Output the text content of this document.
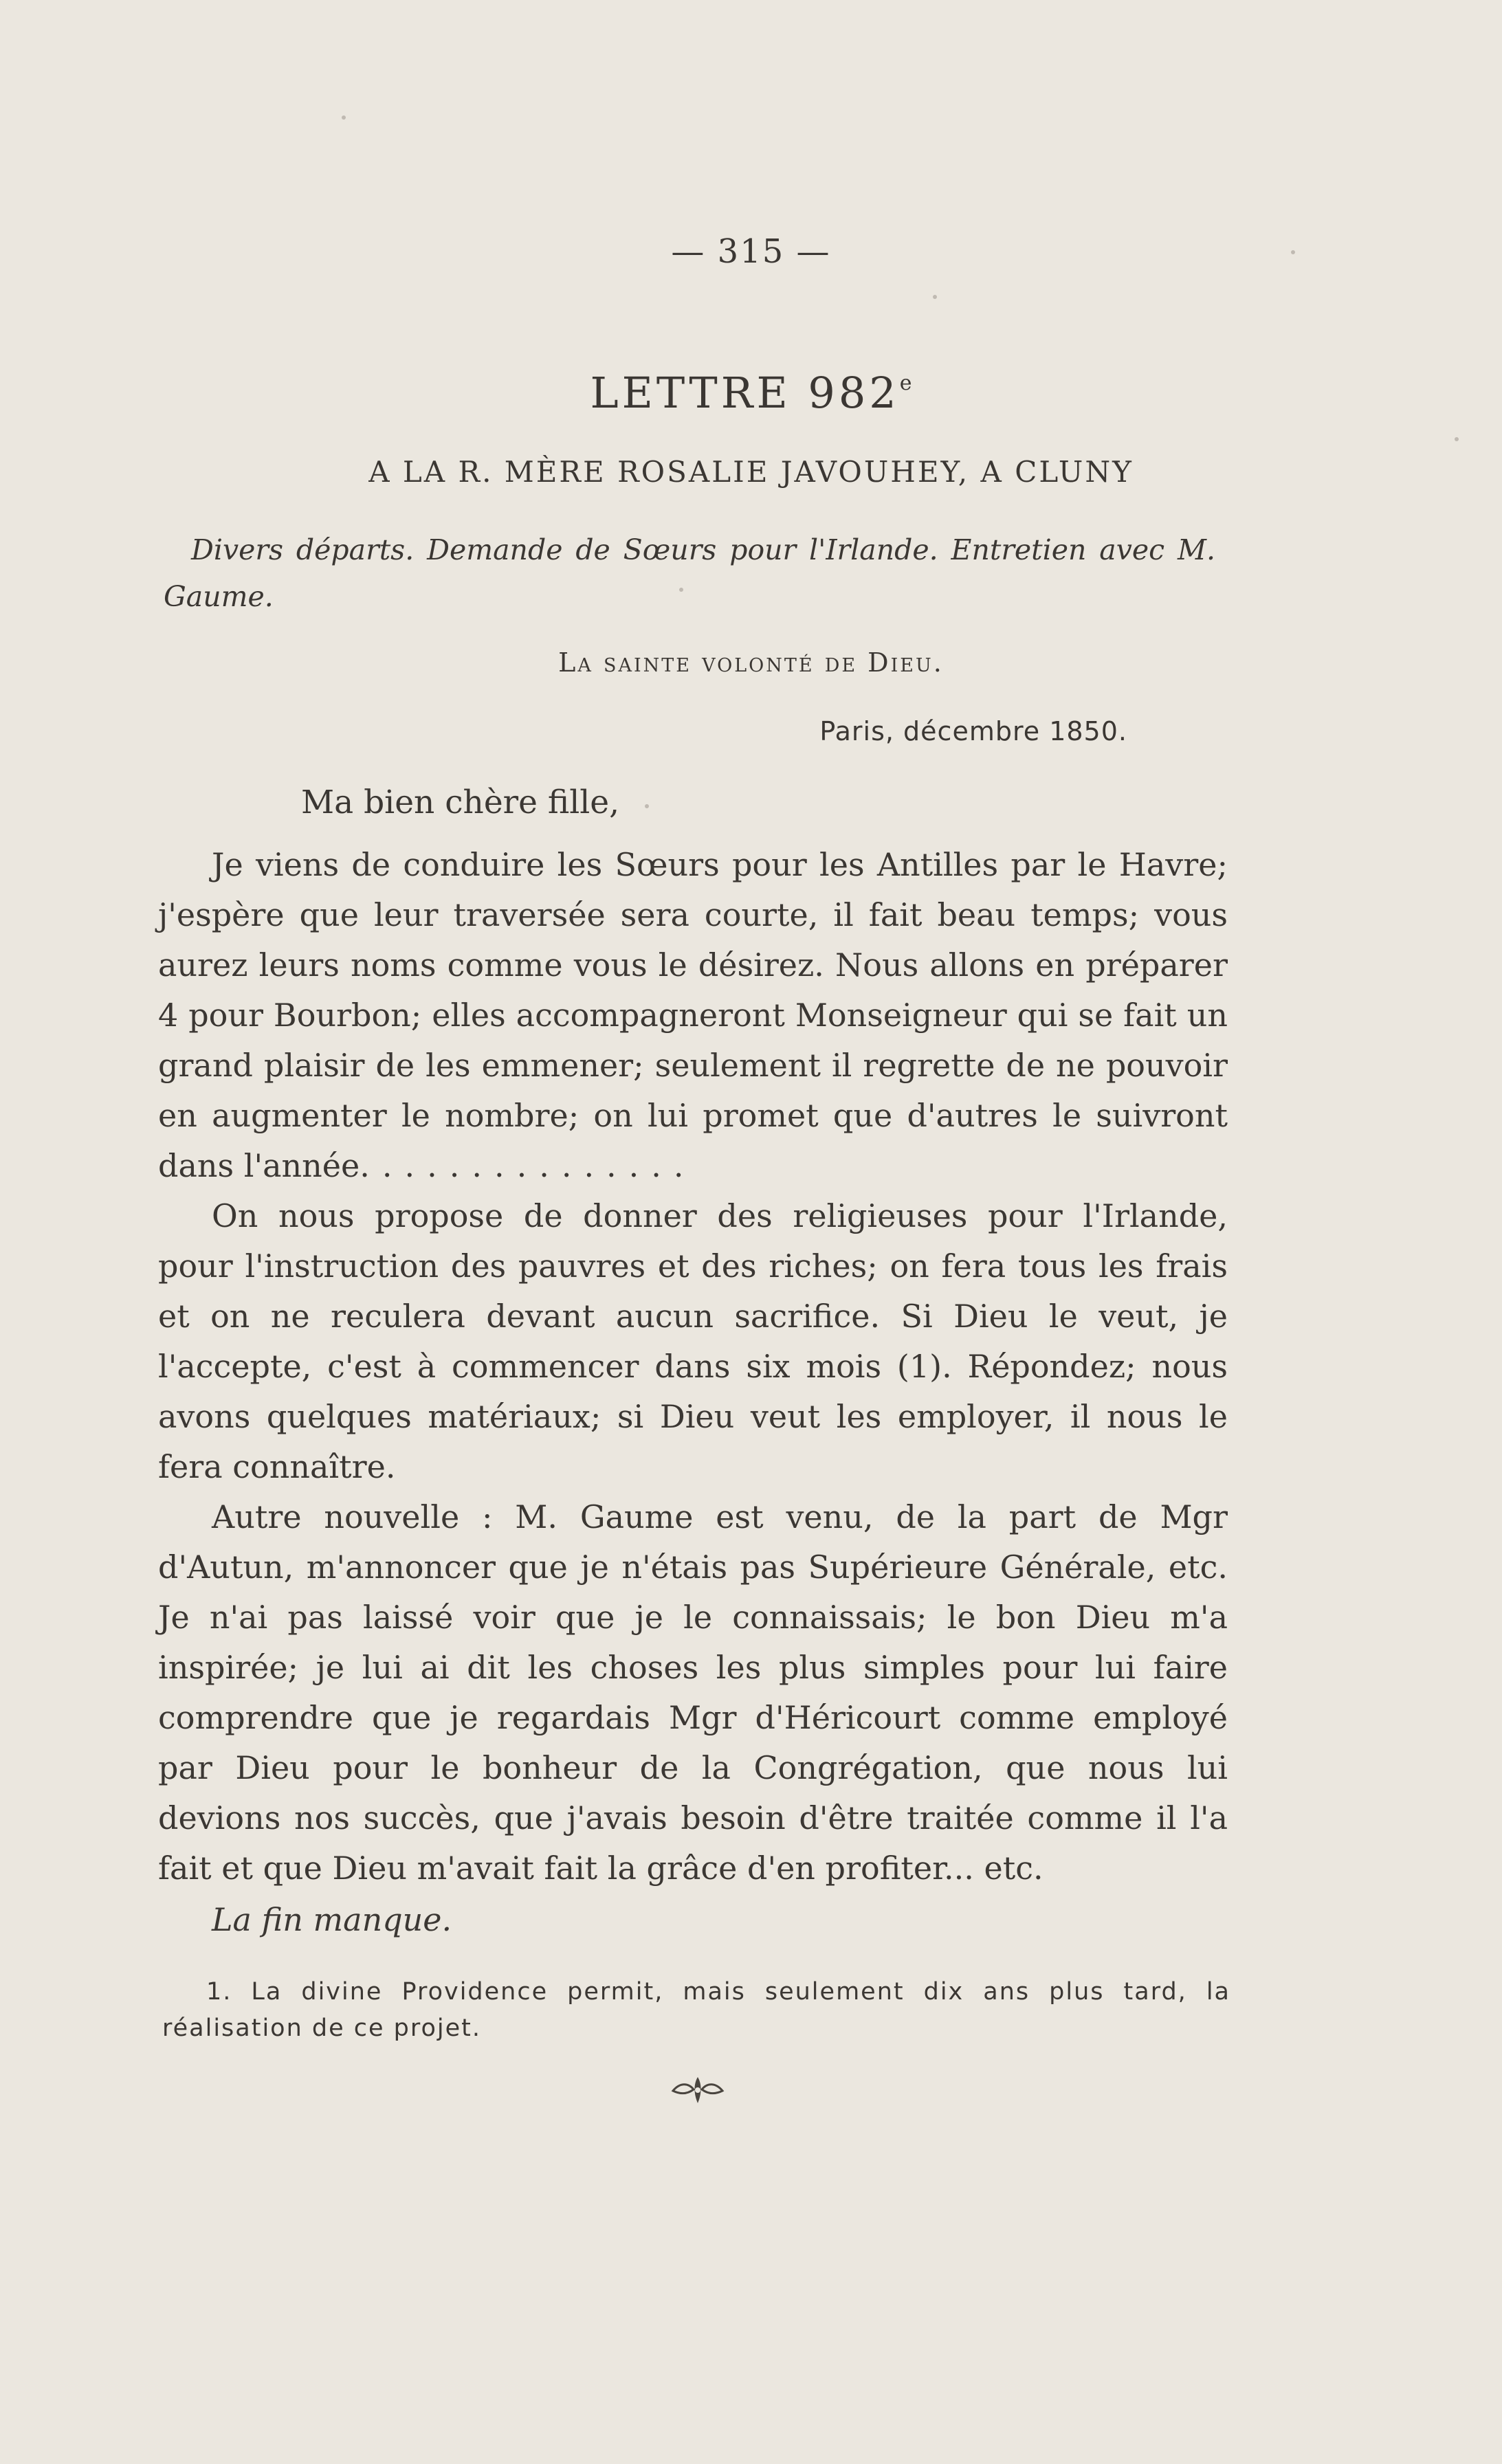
— 315 —
LETTRE 982e
A LA R. MÈRE ROSALIE JAVOUHEY, A CLUNY
Divers départs. Demande de Sœurs pour l'Irlande. Entretien avec M. Gaume.
La sainte volonté de Dieu.
Paris, décembre 1850.
Ma bien chère fille,

Je viens de conduire les Sœurs pour les Antilles par le Havre; j'espère que leur traversée sera courte, il fait beau temps; vous aurez leurs noms comme vous le désirez. Nous allons en préparer 4 pour Bourbon; elles accompagneront Monseigneur qui se fait un grand plaisir de les emmener; seulement il regrette de ne pouvoir en augmenter le nombre; on lui promet que d'autres le suivront dans l'année...............

On nous propose de donner des religieuses pour l'Irlande, pour l'instruction des pauvres et des riches; on fera tous les frais et on ne reculera devant aucun sacrifice. Si Dieu le veut, je l'accepte, c'est à commencer dans six mois (1). Répondez; nous avons quelques matériaux; si Dieu veut les employer, il nous le fera connaître.

Autre nouvelle : M. Gaume est venu, de la part de Mgr d'Autun, m'annoncer que je n'étais pas Supérieure Générale, etc. Je n'ai pas laissé voir que je le connaissais; le bon Dieu m'a inspirée; je lui ai dit les choses les plus simples pour lui faire comprendre que je regardais Mgr d'Héricourt comme employé par Dieu pour le bonheur de la Congrégation, que nous lui devions nos succès, que j'avais besoin d'être traitée comme il l'a fait et que Dieu m'avait fait la grâce d'en profiter... etc.

La fin manque.

1. La divine Providence permit, mais seulement dix ans plus tard, la réalisation de ce projet.
